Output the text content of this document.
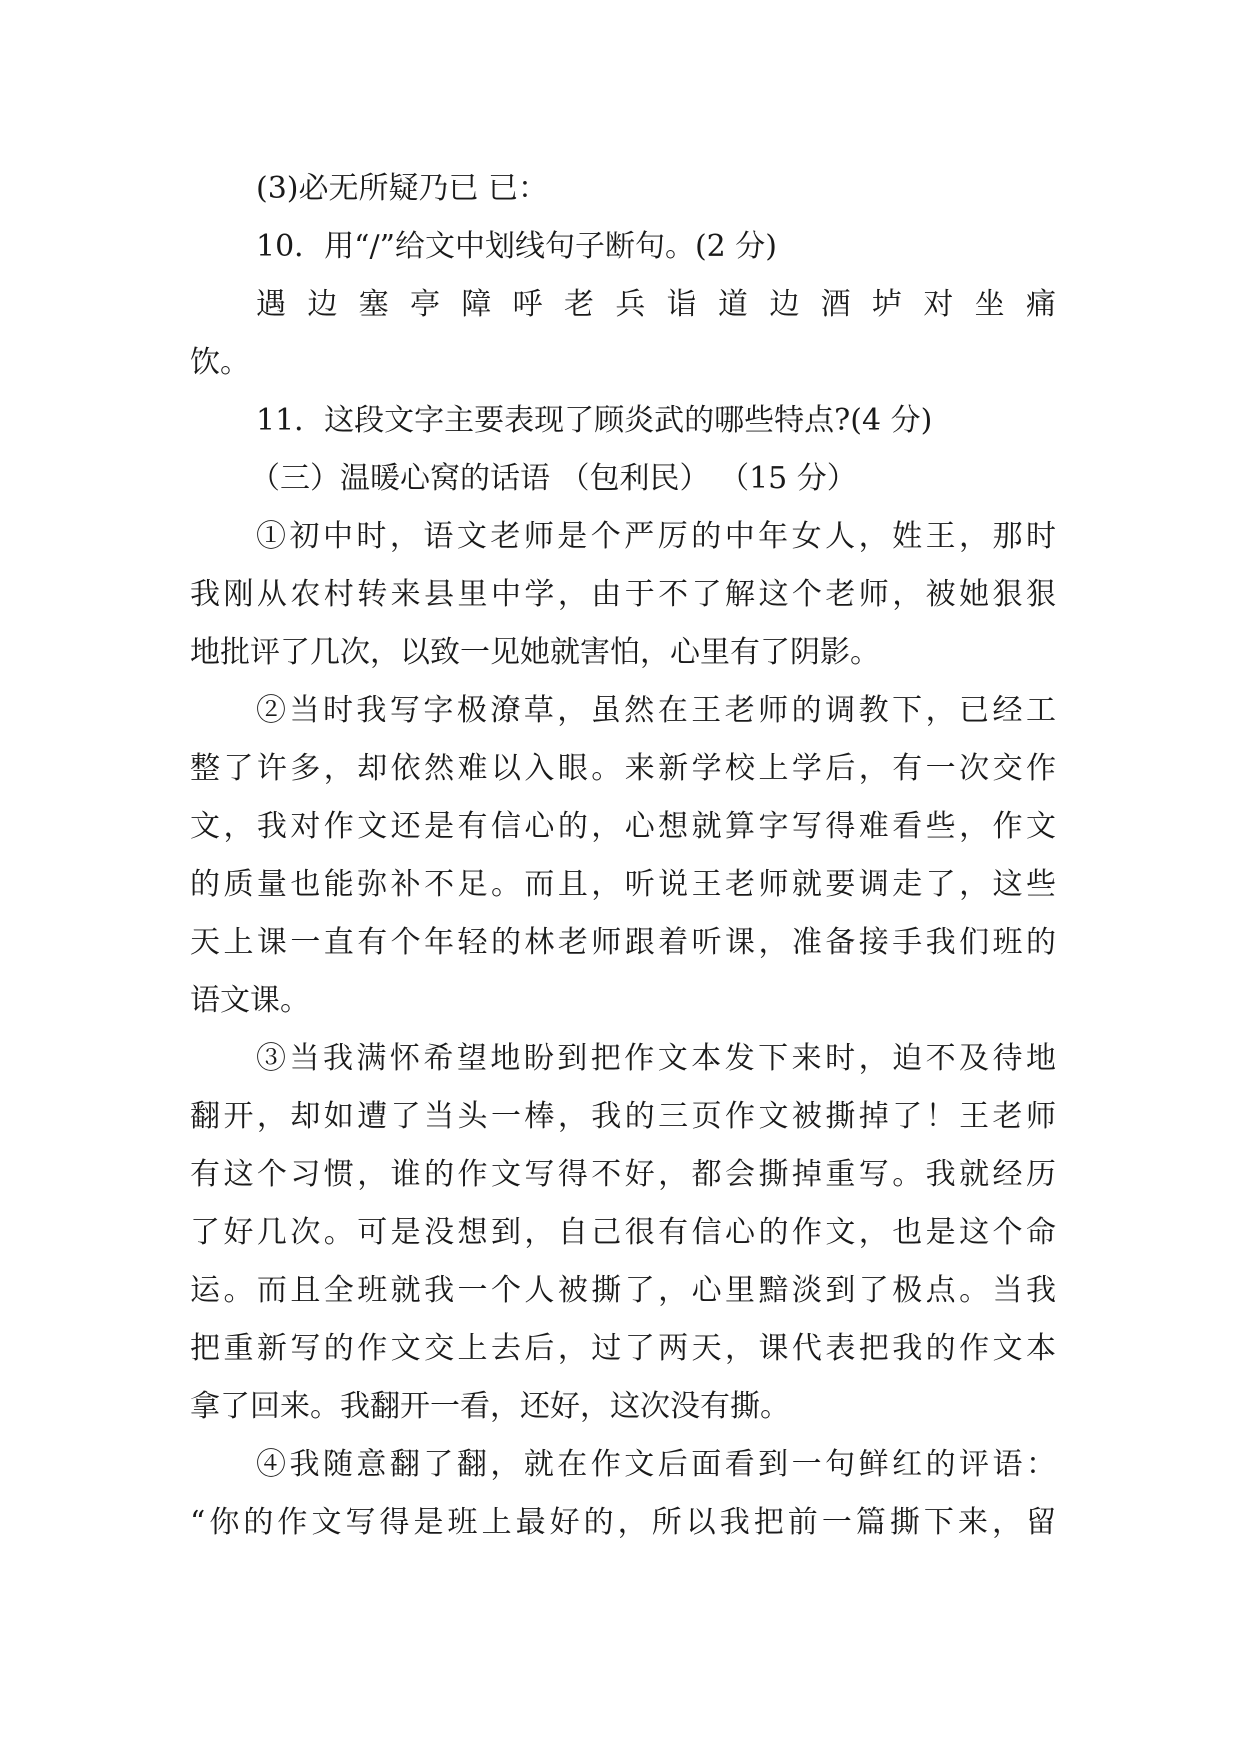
(3)必无所疑乃已 已：
10．用“/”给文中划线句子断句。(2 分)
遇 边 塞 亭 障 呼 老 兵 诣 道 边 酒 垆 对 坐 痛
饮。
11．这段文字主要表现了顾炎武的哪些特点?(4 分)
（三）温暖心窝的话语 （包利民） （15 分）
①初中时，语文老师是个严厉的中年女人，姓王，那时
我刚从农村转来县里中学，由于不了解这个老师，被她狠狠
地批评了几次，以致一见她就害怕，心里有了阴影。
②当时我写字极潦草，虽然在王老师的调教下，已经工
整了许多，却依然难以入眼。来新学校上学后，有一次交作
文，我对作文还是有信心的，心想就算字写得难看些，作文
的质量也能弥补不足。而且，听说王老师就要调走了，这些
天上课一直有个年轻的林老师跟着听课，准备接手我们班的
语文课。
③当我满怀希望地盼到把作文本发下来时，迫不及待地
翻开，却如遭了当头一棒，我的三页作文被撕掉了！王老师
有这个习惯，谁的作文写得不好，都会撕掉重写。我就经历
了好几次。可是没想到，自己很有信心的作文，也是这个命
运。而且全班就我一个人被撕了，心里黯淡到了极点。当我
把重新写的作文交上去后，过了两天，课代表把我的作文本
拿了回来。我翻开一看，还好，这次没有撕。
④我随意翻了翻，就在作文后面看到一句鲜红的评语：
“你的作文写得是班上最好的，所以我把前一篇撕下来，留
